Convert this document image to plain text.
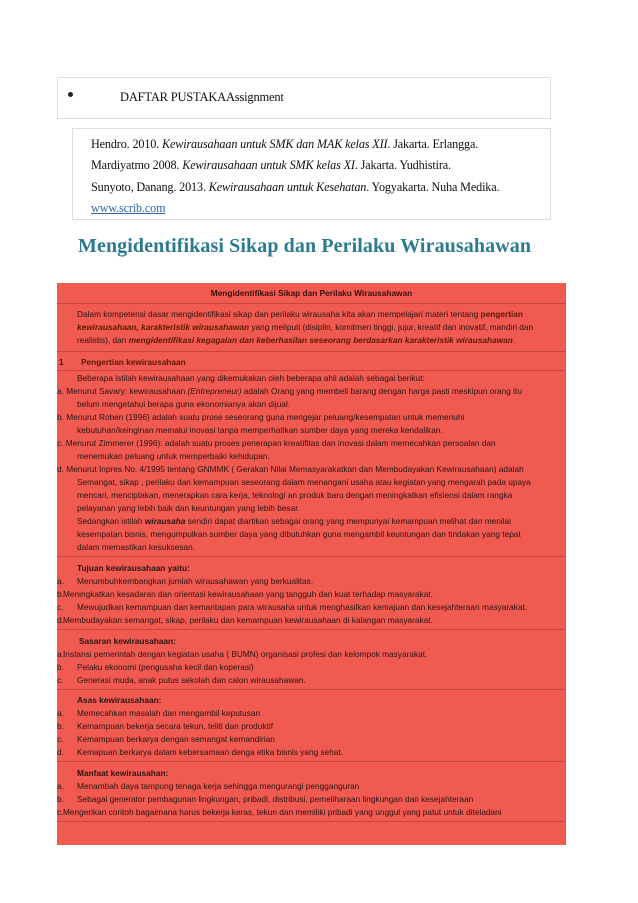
DAFTAR PUSTAKAAssignment
Hendro. 2010. Kewirausahaan untuk SMK dan MAK kelas XII. Jakarta. Erlangga.
Mardiyatmo 2008. Kewirausahaan untuk SMK kelas XI. Jakarta. Yudhistira.
Sunyoto, Danang. 2013. Kewirausahaan untuk Kesehatan. Yogyakarta. Nuha Medika.
www.scrib.com
Mengidentifikasi Sikap dan Perilaku Wirausahawan
Mengidentifikasi Sikap dan Perilaku Wirausahawan
Dalam kompetensi dasar mengidentifikasi sikap dan perilaku wirausaha kita akan mempelajari materi tentang pengertian
kewirausahaan, karakteristik wirausahawan yang meliputi (disiplin, komitmen tinggi, jujur, kreatif dan inovatif, mandiri dan
realistis), dan mengidentifikasi kegagalan dan keberhasilan seseorang berdasarkan karakteristik wirausahawan.
1 Pengertian kewirausahaan
Beberapa istilah kewirausahaan yang dikemukakan oleh beberapa ahli adalah sebagai berikut:
a. Menurut Savary: kewirausahaan (Entrepreneur) adalah Orang yang membeli barang dengan harga pasti meskipun orang itu
belum mengetahui berapa guna ekonomianya akan dijual.
b. Menurut Roben (1996) adalah suatu prose seseorang guna mengejar peluang/kesempatan untuk memenuhi
kebutuhan/keinginan memalui inovasi tanpa memperhatikan sumber daya yang mereka kendalikan.
c. Menurut Zimmerer (1996): adalah suatu proses penerapan kreatifitas dan inovasi dalam memecahkan persoalan dan
menemukan peluang untuk memperbaiki kehidupan.
d. Menurut Inpres No. 4/1995 tentang GNMMK ( Gerakan Nilai Memasyarakatkan dan Membudayakan Kewirausahaan) adalah
Semangat, sikap , perilaku dan kemampuan seseorang dalam menangani usaha atau kegiatan yang mengarah pada upaya
mencari, menciptakan, menerapkan cara kerja, teknologi an produk baru dengan meningkatkan efisiensi dalam rangka
pelayanan yang lebih baik dan keuntungan yang lebih besar.
Sedangkan istilah wirausaha sendiri dapat diartikan sebagai orang yang mempunyai kemampuan melihat dan menilai
kesempatan bisnis, mengumpulkan sumber daya yang dibutuhkan guna mengambil keuntungan dan tindakan yang tepat
dalam memastikan kesuksesan.
Tujuan kewirausahaan yaitu:
a.	Menumbuhkembangkan jumlah wirausahawan yang berkualitas.
b. Meningkatkan kesadaran dan orientasi kewirausahaan yang tangguh dan kuat terhadap masyarakat.
c.	Mewujudkan kemampuan dan kemantapan para wirausaha untuk menghasilkan kemajuan dan kesejahteraan masyarakat.
d. Membudayakan semangat, sikap, perilaku dan kemampuan kewirausahaan di kalangan masyarakat.
Sasaran kewirausahaan:
a. Instansi pemerintah dengan kegiatan usaha ( BUMN) organisasi profesi dan kelompok masyarakat.
b.	Pelaku ekonomi (pengusaha kecil dan koperasi)
c.	Generasi muda, anak putus sekolah dan calon wirausahawan.
Asas kewirausahaan:
a.	Memecahkan masalah dan mengambil keputusan
b.	Kemampuan bekerja secara tekun, teliti dan produktif
c.	Kemampuan berkarya dengan semangat kemandirian
d.	Kemapuan berkarya dalam kebersamaan denga etika bisnis yang sehat.
Manfaat kewirausahan:
a.	Menambah daya tampung tenaga kerja sehingga mengurangi pengganguran
b.	Sebagai generator pembagunan lingkungan, pribadi, distribusi, pemeliharaan lingkungan dan kesejahteraan
c. Mengerikan contoh bagaimana harus bekerja keras, tekun dan memiliki pribadi yang unggul yang patut untuk diteladani
